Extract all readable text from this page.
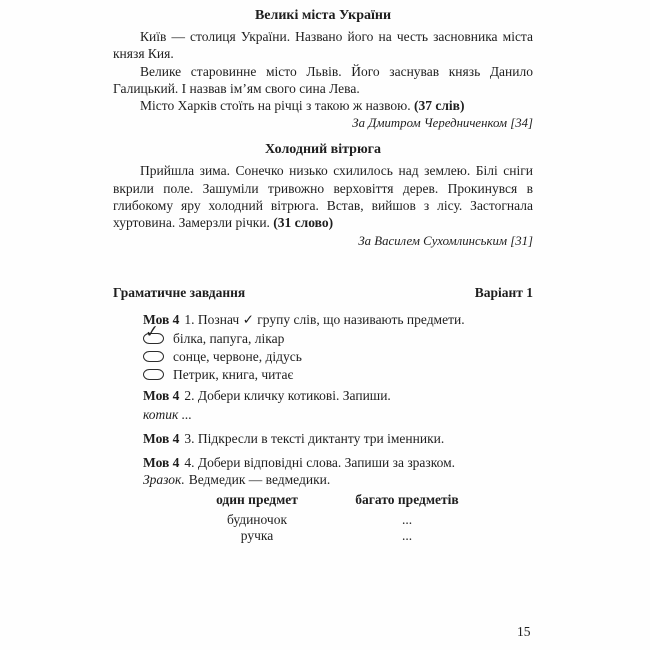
Великі міста України

Київ — столиця України. Названо його на честь засновника міста князя Кия.

Велике старовинне місто Львів. Його заснував князь Данило Галицький. І назвав ім’ям свого сина Лева.

Місто Харків стоїть на річці з такою ж назвою. (37 слів)

За Дмитром Чередниченком [34]

Холодний вітрюга

Прийшла зима. Сонечко низько схилилось над землею. Білі сніги вкрили поле. Зашуміли тривожно верховіття дерев. Прокинувся в глибокому яру холодний вітрюга. Встав, вийшов з лісу. Застогнала хуртовина. Замерзли річки. (31 слово)

За Василем Сухомлинським [31]

Граматичне завдання	Варіант 1
Мов 4 1. Познач ✓ групу слів, що називають предмети.
✓ білка, папуга, лікар
сонце, червоне, дідусь
Петрик, книга, читає
Мов 4 2. Добери кличку котикові. Запиши.
котик ...
Мов 4 3. Підкресли в тексті диктанту три іменники.
Мов 4 4. Добери відповідні слова. Запиши за зразком.
Зразок. Ведмедик — ведмедики.
один предмет	багато предметів
будиночок	...
ручка	...
15
